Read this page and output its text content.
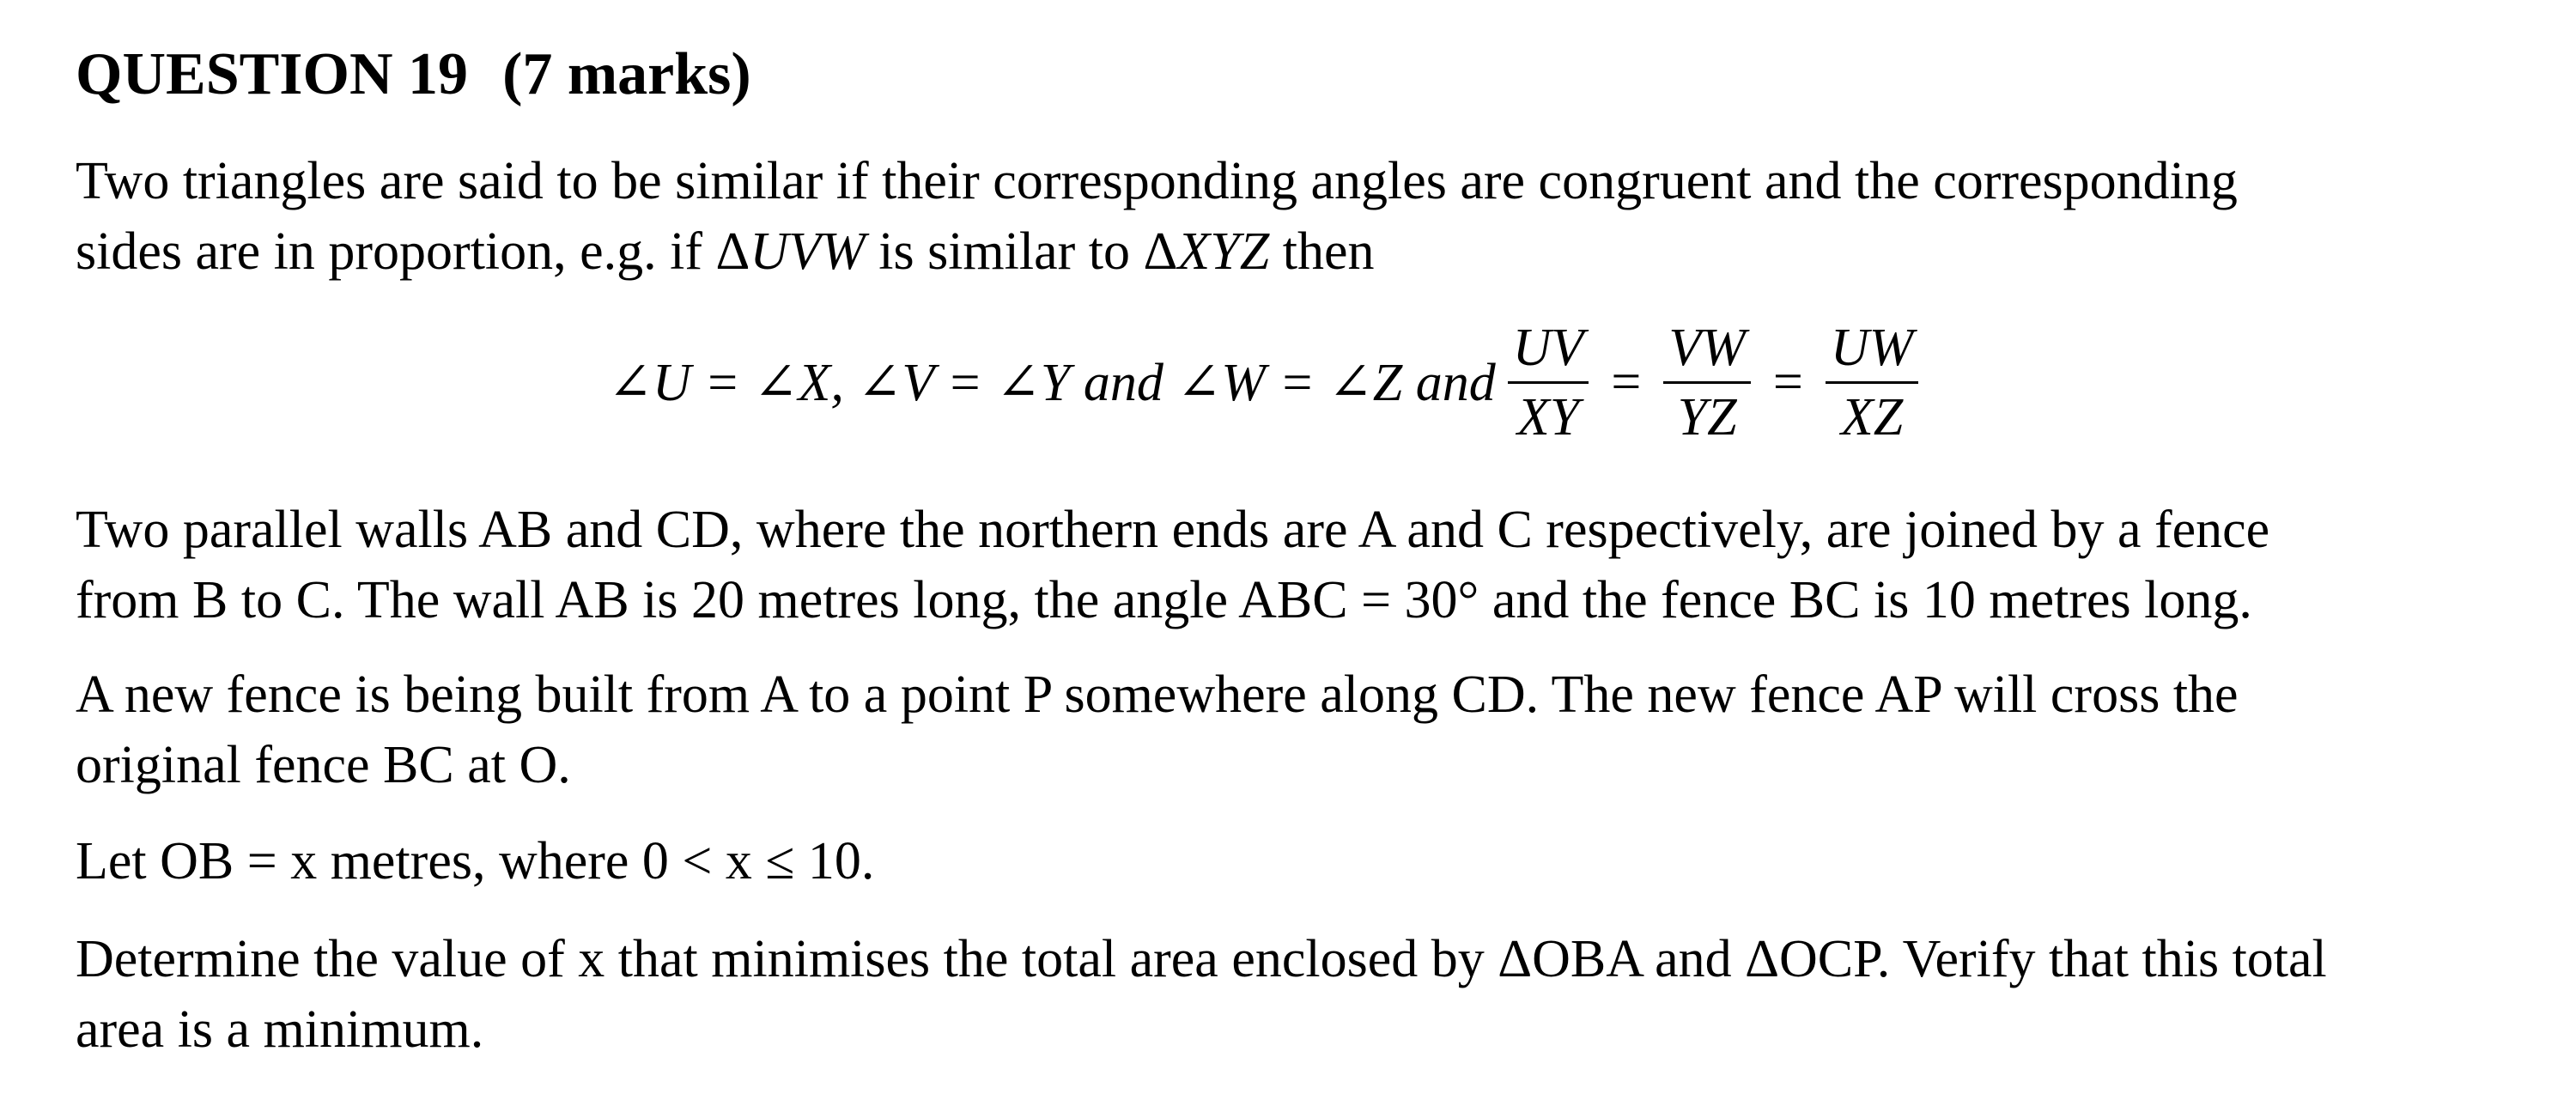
QUESTION 19 (7 marks)
Two triangles are said to be similar if their corresponding angles are congruent and the corresponding
sides are in proportion, e.g. if ΔUVW is similar to ΔXYZ then
∠U = ∠X, ∠V = ∠Y and ∠W = ∠Z and $\frac{UV}{XY} = \frac{VW}{YZ} = \frac{UW}{XZ}$
Two parallel walls AB and CD, where the northern ends are A and C respectively, are joined by a fence
from B to C. The wall AB is 20 metres long, the angle ABC = 30° and the fence BC is 10 metres long.
A new fence is being built from A to a point P somewhere along CD. The new fence AP will cross the
original fence BC at O.
Let OB = x metres, where 0 < x ≤ 10.
Determine the value of x that minimises the total area enclosed by ΔOBA and ΔOCP. Verify that this total
area is a minimum.
